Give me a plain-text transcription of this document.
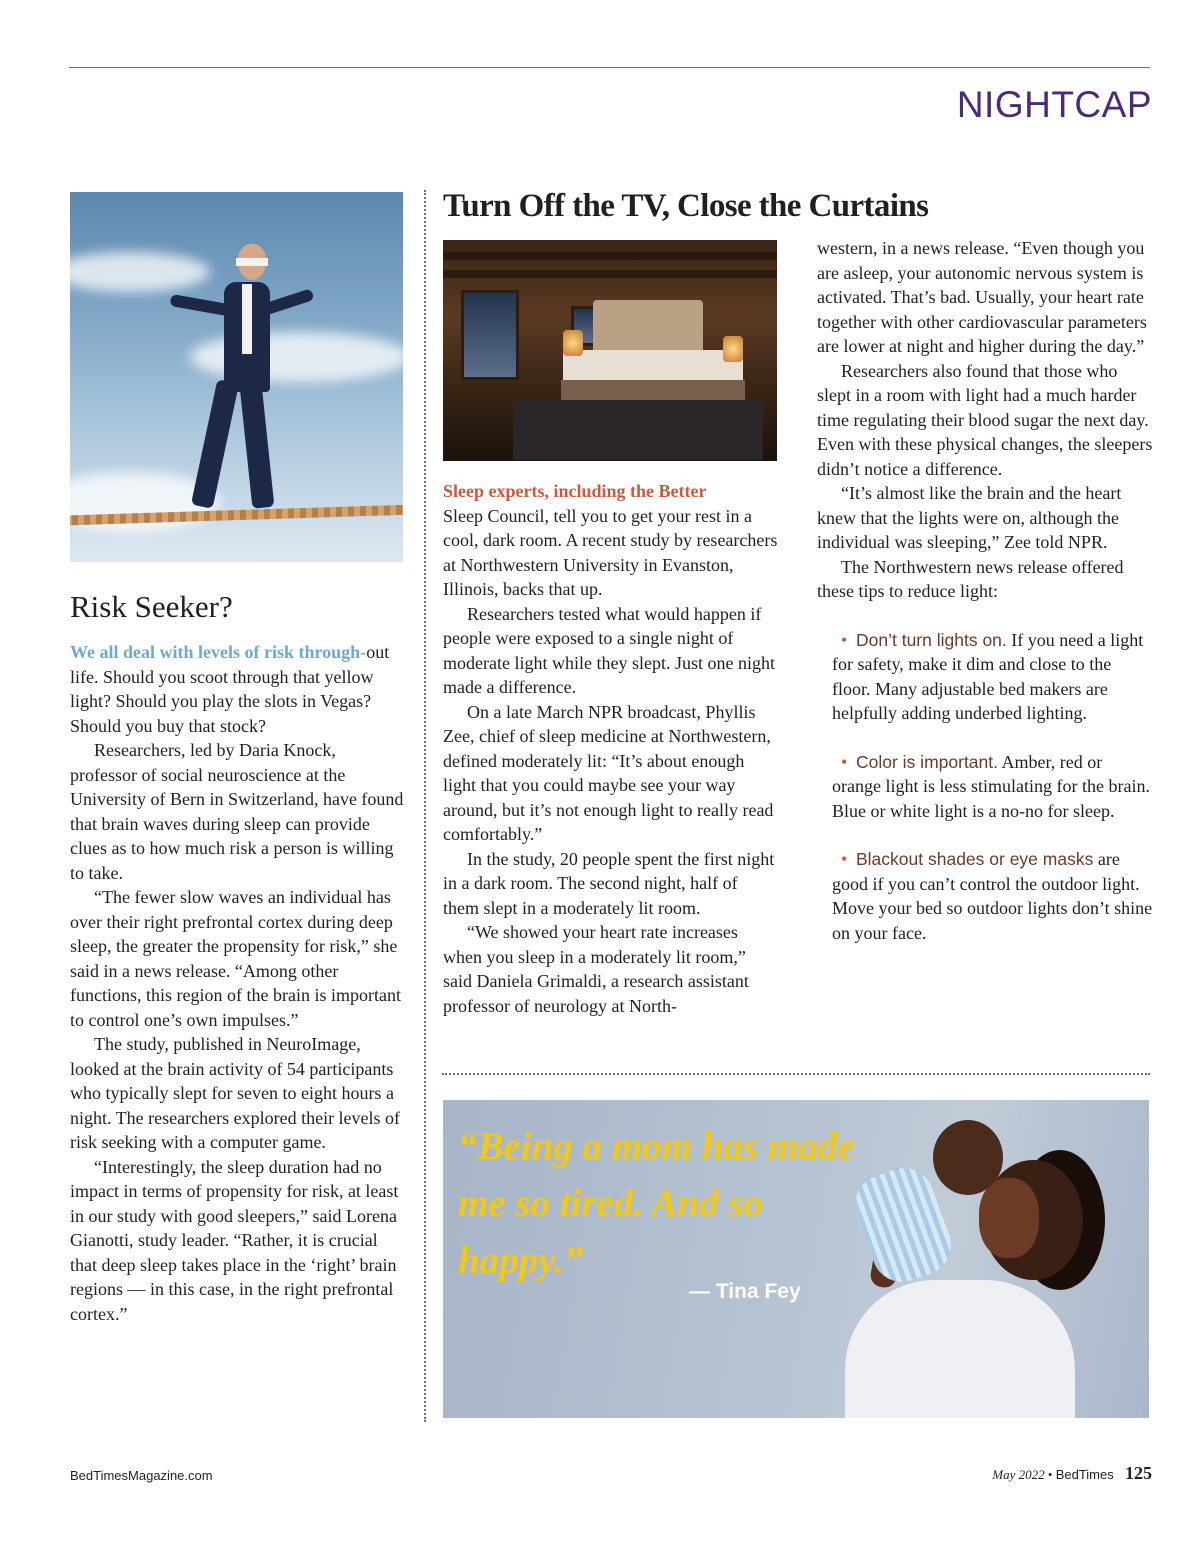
NIGHTCAP
Risk Seeker?

We all deal with levels of risk through-out life. Should you scoot through that yellow light? Should you play the slots in Vegas? Should you buy that stock?

Researchers, led by Daria Knock, professor of social neuroscience at the University of Bern in Switzerland, have found that brain waves during sleep can provide clues as to how much risk a person is willing to take.

“The fewer slow waves an individual has over their right prefrontal cortex during deep sleep, the greater the propensity for risk,” she said in a news release. “Among other functions, this region of the brain is important to control one’s own impulses.”

The study, published in NeuroImage, looked at the brain activity of 54 participants who typically slept for seven to eight hours a night. The researchers explored their levels of risk seeking with a computer game.

“Interestingly, the sleep duration had no impact in terms of propensity for risk, at least in our study with good sleepers,” said Lorena Gianotti, study leader. “Rather, it is crucial that deep sleep takes place in the ‘right’ brain regions — in this case, in the right prefrontal cortex.”

Turn Off the TV, Close the Curtains

Sleep experts, including the Better
Sleep Council, tell you to get your rest in a cool, dark room. A recent study by researchers at Northwestern University in Evanston, Illinois, backs that up.

Researchers tested what would happen if people were exposed to a single night of moderate light while they slept. Just one night made a difference.

On a late March NPR broadcast, Phyllis Zee, chief of sleep medicine at Northwestern, defined moderately lit: “It’s about enough light that you could maybe see your way around, but it’s not enough light to really read comfortably.”

In the study, 20 people spent the first night in a dark room. The second night, half of them slept in a moderately lit room.

“We showed your heart rate increases when you sleep in a moderately lit room,” said Daniela Grimaldi, a research assistant professor of neurology at North-

western, in a news release. “Even though you are asleep, your autonomic nervous system is activated. That’s bad. Usually, your heart rate together with other cardiovascular parameters are lower at night and higher during the day.”

Researchers also found that those who slept in a room with light had a much harder time regulating their blood sugar the next day. Even with these physical changes, the sleepers didn’t notice a difference.

“It’s almost like the brain and the heart knew that the lights were on, although the individual was sleeping,” Zee told NPR.

The Northwestern news release offered these tips to reduce light:

• Don’t turn lights on. If you need a light for safety, make it dim and close to the floor. Many adjustable bed makers are helpfully adding underbed lighting.

• Color is important. Amber, red or orange light is less stimulating for the brain. Blue or white light is a no-no for sleep.

• Blackout shades or eye masks are good if you can’t control the outdoor light. Move your bed so outdoor lights don’t shine on your face.

“Being a mom has made me so tired. And so happy.”
— Tina Fey
BedTimesMagazine.com	May 2022 • BedTimes 125
